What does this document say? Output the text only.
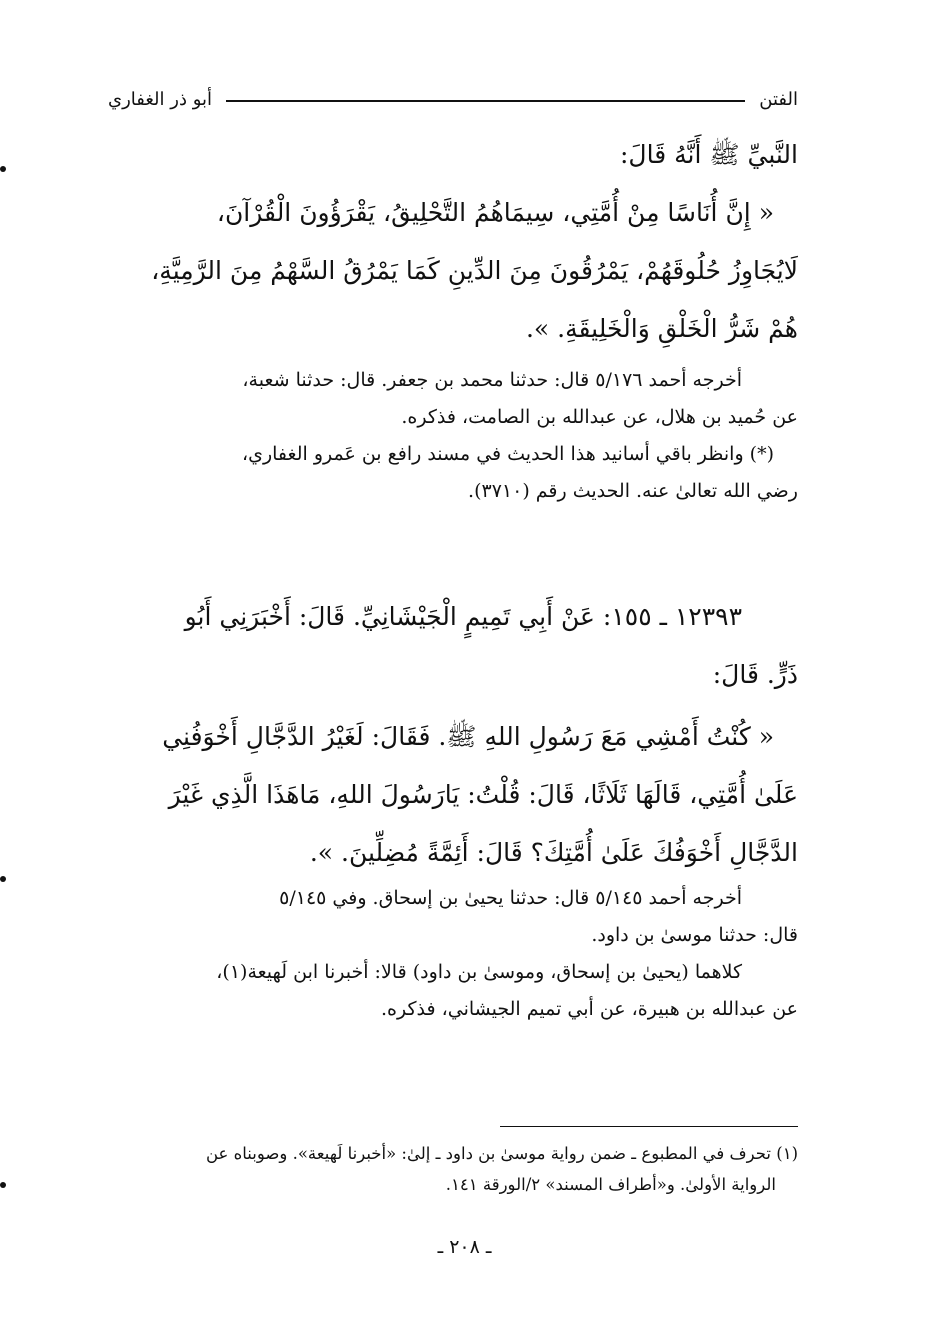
الفتن
أبو ذر الغفاري
النَّبيِّ ﷺ أَنَّهُ قَالَ:
« إِنَّ أُنَاسًا مِنْ أُمَّتِي، سِيمَاهُمُ التَّحْلِيقُ، يَقْرَؤُونَ الْقُرْآنَ،
لَايُجَاوِزُ حُلُوقَهُمْ، يَمْرُقُونَ مِنَ الدِّينِ كَمَا يَمْرُقُ السَّهْمُ مِنَ الرَّمِيَّةِ،
هُمْ شَرُّ الْخَلْقِ وَالْخَلِيقَةِ. ».
أخرجه أحمد ٥/١٧٦ قال: حدثنا محمد بن جعفر. قال: حدثنا شعبة،
عن حُميد بن هلال، عن عبدالله بن الصامت، فذكره.
(*) وانظر باقي أسانيد هذا الحديث في مسند رافع بن عَمرو الغفاري،
رضي الله تعالىٰ عنه. الحديث رقم (٣٧١٠).
١٢٣٩٣ ـ ١٥٥: عَنْ أَبِي تَمِيمٍ الْجَيْشَانِيِّ. قَالَ: أَخْبَرَنِي أَبُو
ذَرٍّ. قَالَ:
« كُنْتُ أَمْشِي مَعَ رَسُولِ اللهِ ﷺ. فَقَالَ: لَغَيْرُ الدَّجَّالِ أَخْوَفُنِي
عَلَىٰ أُمَّتِي، قَالَهَا ثَلَاثًا، قَالَ: قُلْتُ: يَارَسُولَ اللهِ، مَاهَذَا الَّذِي غَيْرَ
الدَّجَّالِ أَخْوَفُكَ عَلَىٰ أُمَّتِكَ؟ قَالَ: أَئِمَّةً مُضِلِّينَ. ».
أخرجه أحمد ٥/١٤٥ قال: حدثنا يحيىٰ بن إسحاق. وفي ٥/١٤٥
قال: حدثنا موسىٰ بن داود.
كلاهما (يحيىٰ بن إسحاق، وموسىٰ بن داود) قالا: أخبرنا ابن لَهيعة(١)،
عن عبدالله بن هبيرة، عن أبي تميم الجيشاني، فذكره.
(١) تحرف في المطبوع ـ ضمن رواية موسىٰ بن داود ـ إلىٰ: «أخبرنا لَهيعة». وصوبناه عن
الرواية الأولىٰ. و«أطراف المسند» ٢/الورقة ١٤١.
ـ ٢٠٨ ـ
